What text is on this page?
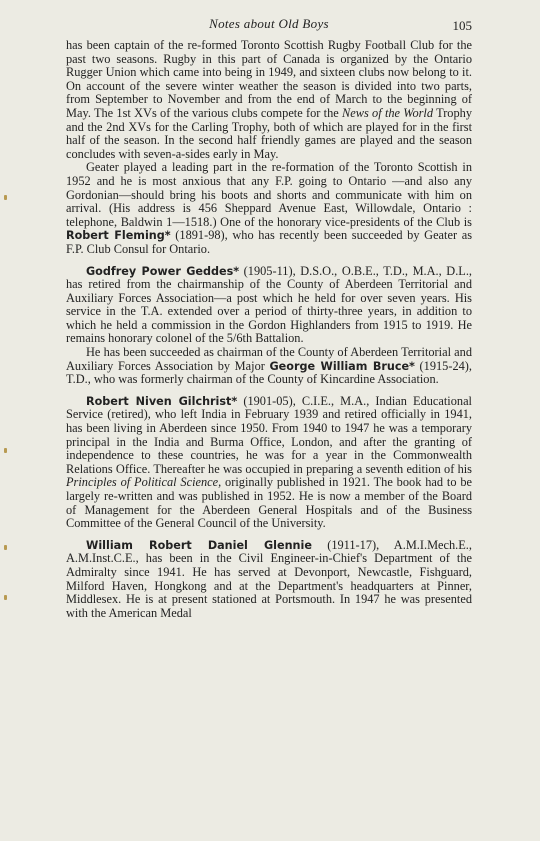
Notes about Old Boys	105

has been captain of the re-formed Toronto Scottish Rugby Football Club for the past two seasons. Rugby in this part of Canada is organized by the Ontario Rugger Union which came into being in 1949, and sixteen clubs now belong to it. On account of the severe winter weather the season is divided into two parts, from September to November and from the end of March to the beginning of May. The 1st XVs of the various clubs compete for the News of the World Trophy and the 2nd XVs for the Carling Trophy, both of which are played for in the first half of the season. In the second half friendly games are played and the season concludes with seven-a-sides early in May.

Geater played a leading part in the re-formation of the Toronto Scottish in 1952 and he is most anxious that any F.P. going to Ontario —and also any Gordonian—should bring his boots and shorts and communicate with him on arrival. (His address is 456 Sheppard Avenue East, Willowdale, Ontario : telephone, Baldwin 1—1518.) One of the honorary vice-presidents of the Club is Robert Fleming* (1891-98), who has recently been succeeded by Geater as F.P. Club Consul for Ontario.

Godfrey Power Geddes* (1905-11), D.S.O., O.B.E., T.D., M.A., D.L., has retired from the chairmanship of the County of Aberdeen Territorial and Auxiliary Forces Association—a post which he held for over seven years. His service in the T.A. extended over a period of thirty-three years, in addition to which he held a commission in the Gordon Highlanders from 1915 to 1919. He remains honorary colonel of the 5/6th Battalion.

He has been succeeded as chairman of the County of Aberdeen Territorial and Auxiliary Forces Association by Major George William Bruce* (1915-24), T.D., who was formerly chairman of the County of Kincardine Association.

Robert Niven Gilchrist* (1901-05), C.I.E., M.A., Indian Educational Service (retired), who left India in February 1939 and retired officially in 1941, has been living in Aberdeen since 1950. From 1940 to 1947 he was a temporary principal in the India and Burma Office, London, and after the granting of independence to these countries, he was for a year in the Commonwealth Relations Office. Thereafter he was occupied in preparing a seventh edition of his Principles of Political Science, originally published in 1921. The book had to be largely re-written and was published in 1952. He is now a member of the Board of Management for the Aberdeen General Hospitals and of the Business Committee of the General Council of the University.

William Robert Daniel Glennie (1911-17), A.M.I.Mech.E., A.M.Inst.C.E., has been in the Civil Engineer-in-Chief's Department of the Admiralty since 1941. He has served at Devonport, Newcastle, Fishguard, Milford Haven, Hongkong and at the Department's headquarters at Pinner, Middlesex. He is at present stationed at Portsmouth. In 1947 he was presented with the American Medal
